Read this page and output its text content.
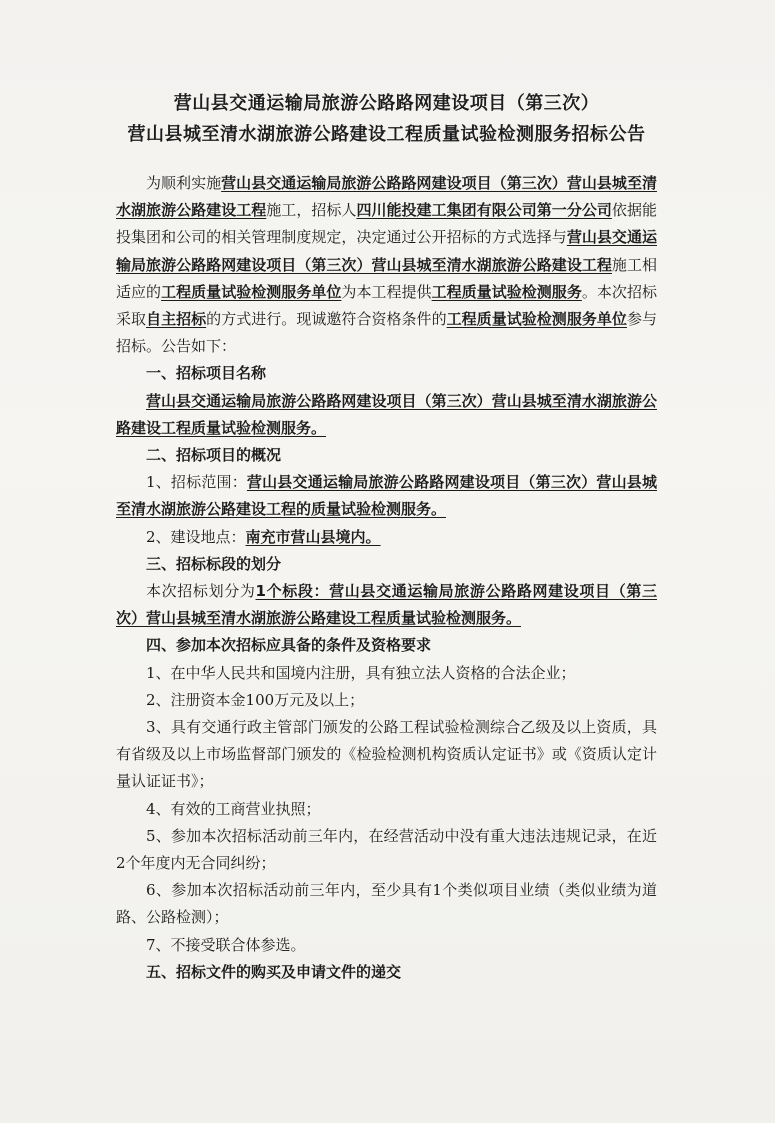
营山县交通运输局旅游公路路网建设项目（第三次）
营山县城至清水湖旅游公路建设工程质量试验检测服务招标公告

为顺利实施营山县交通运输局旅游公路路网建设项目（第三次）营山县城至清水湖旅游公路建设工程施工，招标人四川能投建工集团有限公司第一分公司依据能投集团和公司的相关管理制度规定，决定通过公开招标的方式选择与营山县交通运输局旅游公路路网建设项目（第三次）营山县城至清水湖旅游公路建设工程施工相适应的工程质量试验检测服务单位为本工程提供工程质量试验检测服务。本次招标采取自主招标的方式进行。现诚邀符合资格条件的工程质量试验检测服务单位参与招标。公告如下：

一、招标项目名称

营山县交通运输局旅游公路路网建设项目（第三次）营山县城至清水湖旅游公路建设工程质量试验检测服务。

二、招标项目的概况

1、招标范围：营山县交通运输局旅游公路路网建设项目（第三次）营山县城至清水湖旅游公路建设工程的质量试验检测服务。

2、建设地点：南充市营山县境内。

三、招标标段的划分

本次招标划分为1个标段：营山县交通运输局旅游公路路网建设项目（第三次）营山县城至清水湖旅游公路建设工程质量试验检测服务。

四、参加本次招标应具备的条件及资格要求

1、在中华人民共和国境内注册，具有独立法人资格的合法企业；

2、注册资本金100万元及以上；

3、具有交通行政主管部门颁发的公路工程试验检测综合乙级及以上资质，具有省级及以上市场监督部门颁发的《检验检测机构资质认定证书》或《资质认定计量认证证书》；

4、有效的工商营业执照；

5、参加本次招标活动前三年内，在经营活动中没有重大违法违规记录，在近2个年度内无合同纠纷；

6、参加本次招标活动前三年内，至少具有1个类似项目业绩（类似业绩为道路、公路检测）；

7、不接受联合体参选。

五、招标文件的购买及申请文件的递交
